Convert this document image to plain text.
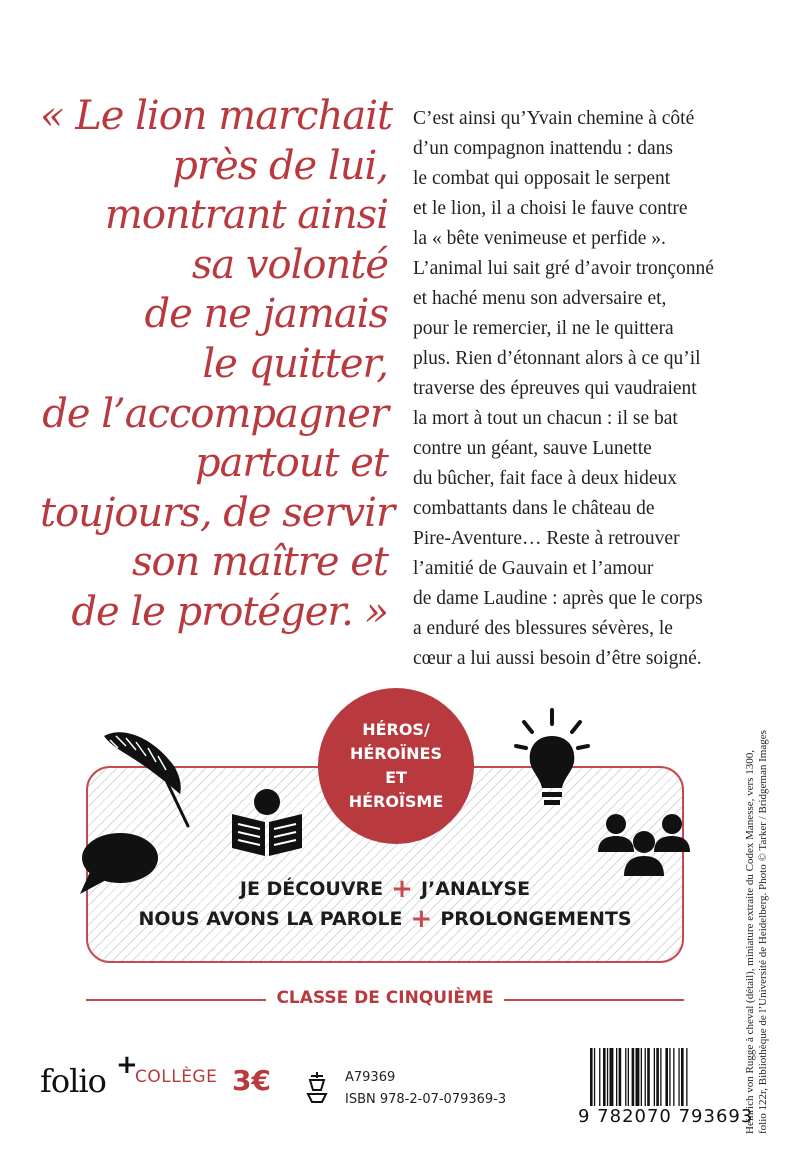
« Le lion marchait
près de lui,
montrant ainsi
sa volonté
de ne jamais
le quitter,
de l’accompagner
partout et
toujours, de servir
son maître et
de le protéger. »
C’est ainsi qu’Yvain chemine à côté
d’un compagnon inattendu : dans
le combat qui opposait le serpent
et le lion, il a choisi le fauve contre
la « bête venimeuse et perfide ».
L’animal lui sait gré d’avoir tronçonné
et haché menu son adversaire et,
pour le remercier, il ne le quittera
plus. Rien d’étonnant alors à ce qu’il
traverse des épreuves qui vaudraient
la mort à tout un chacun : il se bat
contre un géant, sauve Lunette
du bûcher, fait face à deux hideux
combattants dans le château de
Pire-Aventure… Reste à retrouver
l’amitié de Gauvain et l’amour
de dame Laudine : après que le corps
a enduré des blessures sévères, le
cœur a lui aussi besoin d’être soigné.
HÉROS/
HÉROÏNES
ET
HÉROÏSME
JE DÉCOUVRE + J’ANALYSE
NOUS AVONS LA PAROLE + PROLONGEMENTS
CLASSE DE CINQUIÈME
folio +
COLLÈGE 3€	A79369
ISBN 978-2-07-079369-3
9 782070 793693
Heinrich von Rugge à cheval (détail), miniature extraite du Codex Manesse, vers 1300, folio 122r, Bibliothèque de l’Université de Heidelberg. Photo © Tarker / Bridgeman Images
